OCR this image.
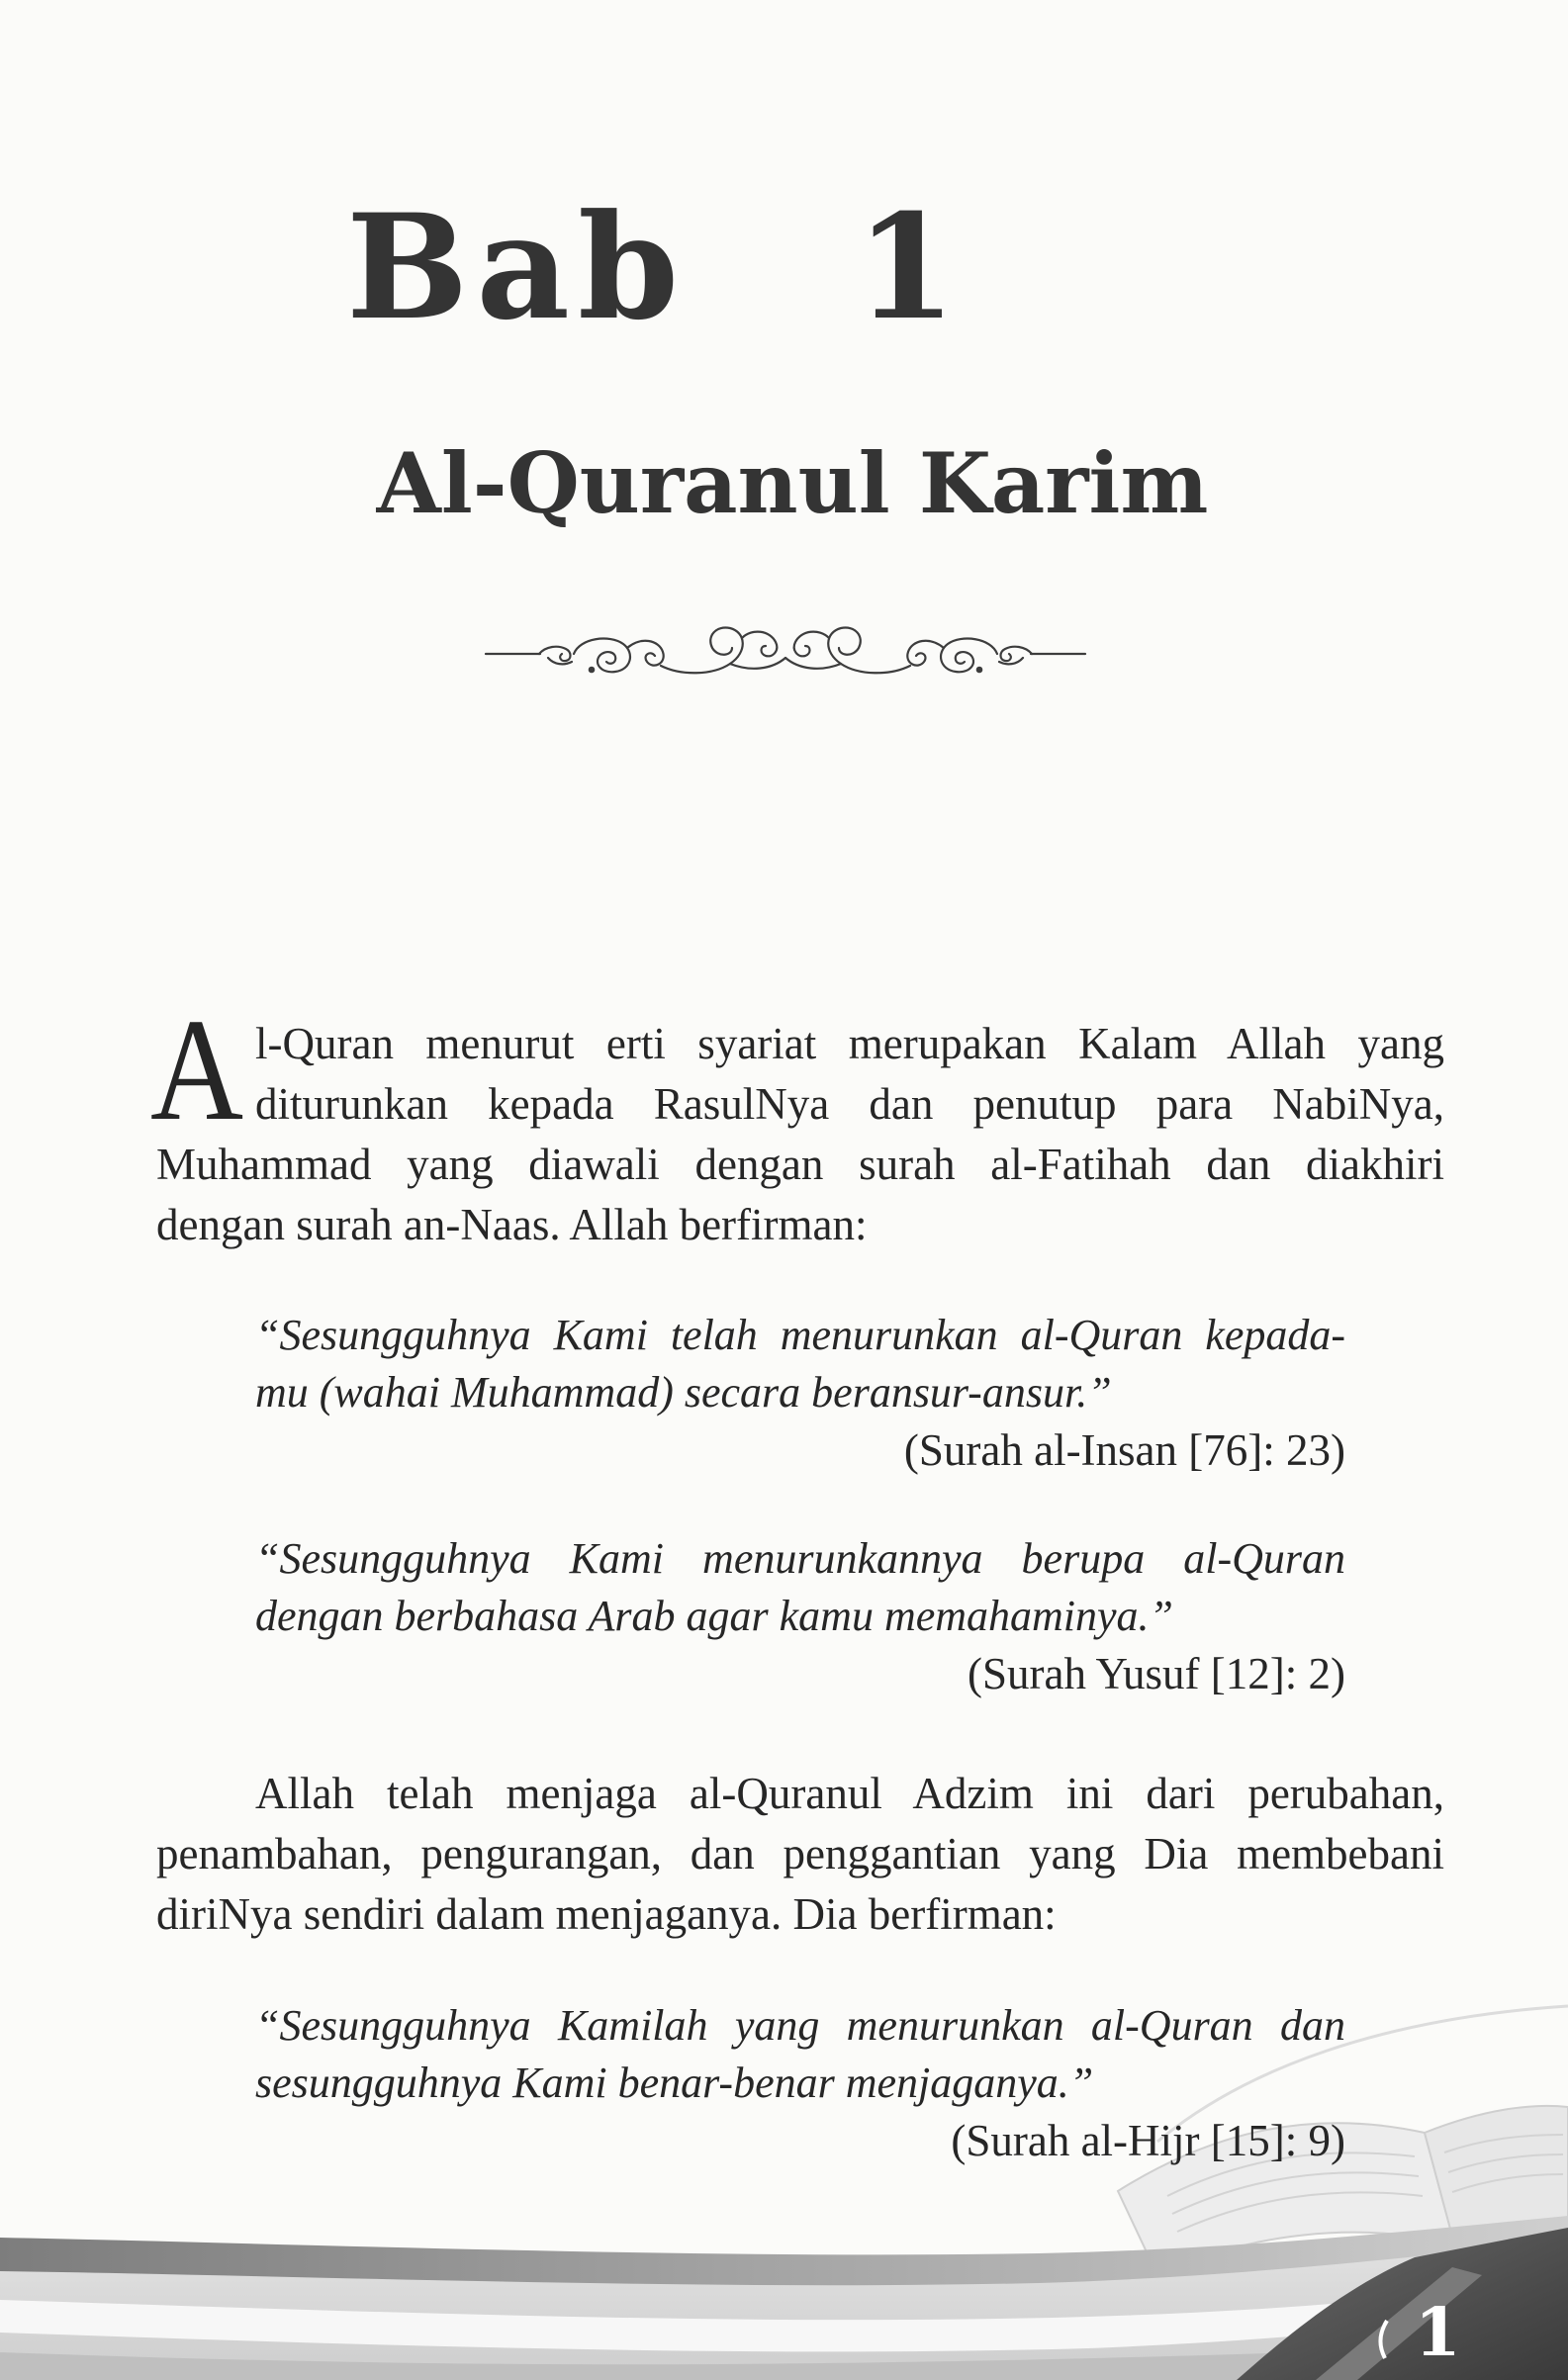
Bab 1
Al-Quranul Karim
A l-Quran menurut erti syariat merupakan Kalam Allah yang
diturunkan kepada RasulNya dan penutup para NabiNya,
Muhammad yang diawali dengan surah al-Fatihah dan diakhiri
dengan surah an-Naas. Allah berfirman:
“Sesungguhnya Kami telah menurunkan al-Quran kepada-
mu (wahai Muhammad) secara beransur-ansur.”
(Surah al-Insan [76]: 23)
“Sesungguhnya Kami menurunkannya berupa al-Quran
dengan berbahasa Arab agar kamu memahaminya.”
(Surah Yusuf [12]: 2)
Allah telah menjaga al-Quranul Adzim ini dari perubahan,
penambahan, pengurangan, dan penggantian yang Dia membebani
diriNya sendiri dalam menjaganya. Dia berfirman:
“Sesungguhnya Kamilah yang menurunkan al-Quran dan
sesungguhnya Kami benar-benar menjaganya.”
(Surah al-Hijr [15]: 9)
1
